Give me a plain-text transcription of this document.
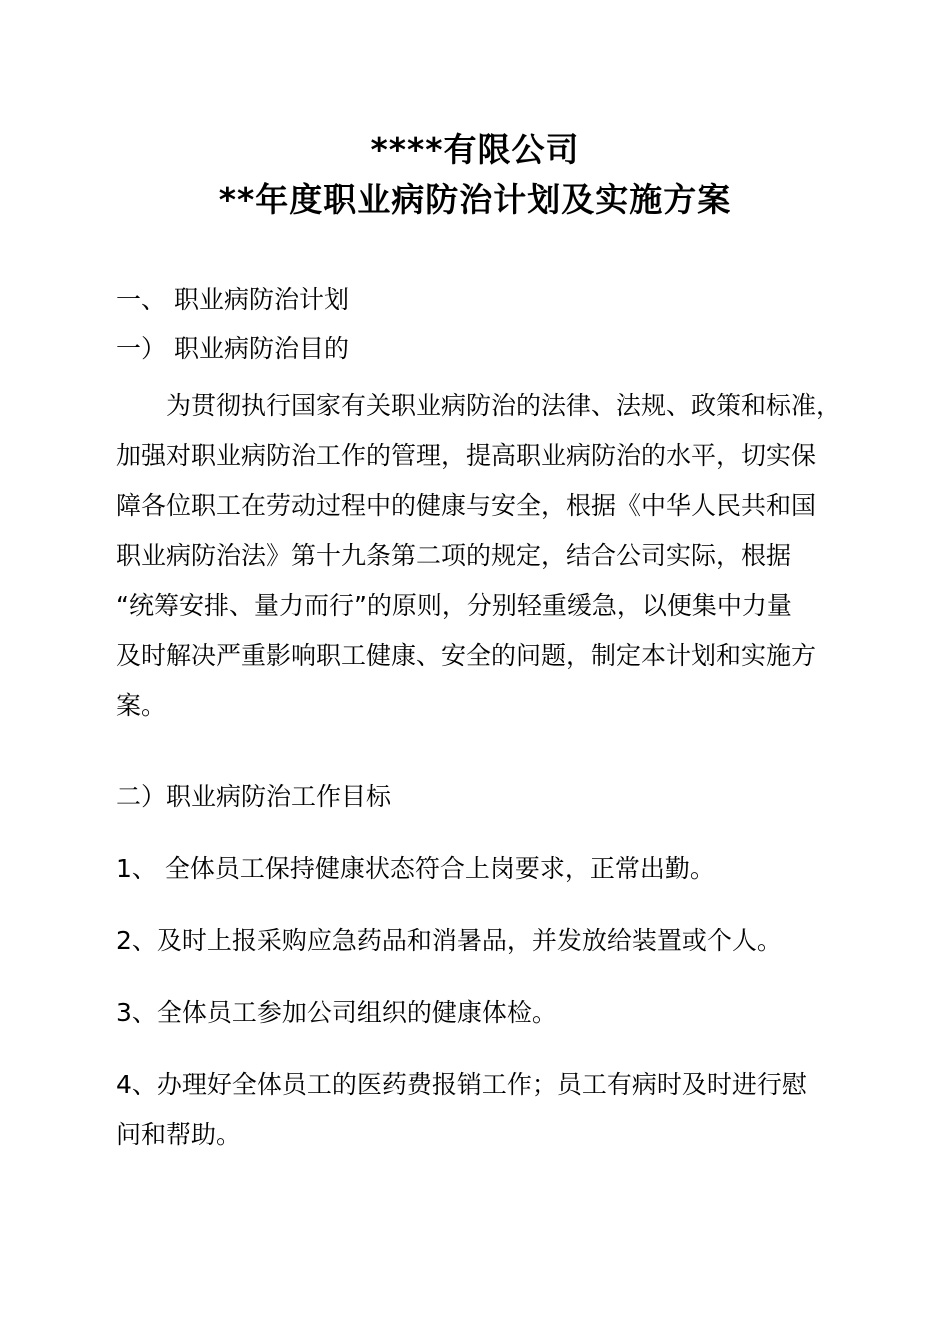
****有限公司
**年度职业病防治计划及实施方案
一、 职业病防治计划
一） 职业病防治目的
为贯彻执行国家有关职业病防治的法律、法规、政策和标准，
加强对职业病防治工作的管理，提高职业病防治的水平，切实保
障各位职工在劳动过程中的健康与安全，根据《中华人民共和国
职业病防治法》第十九条第二项的规定，结合公司实际，根据
“统筹安排、量力而行”的原则，分别轻重缓急，以便集中力量
及时解决严重影响职工健康、安全的问题，制定本计划和实施方
案。
二）职业病防治工作目标
1、 全体员工保持健康状态符合上岗要求，正常出勤。
2、及时上报采购应急药品和消暑品，并发放给装置或个人。
3、全体员工参加公司组织的健康体检。
4、办理好全体员工的医药费报销工作；员工有病时及时进行慰
问和帮助。
